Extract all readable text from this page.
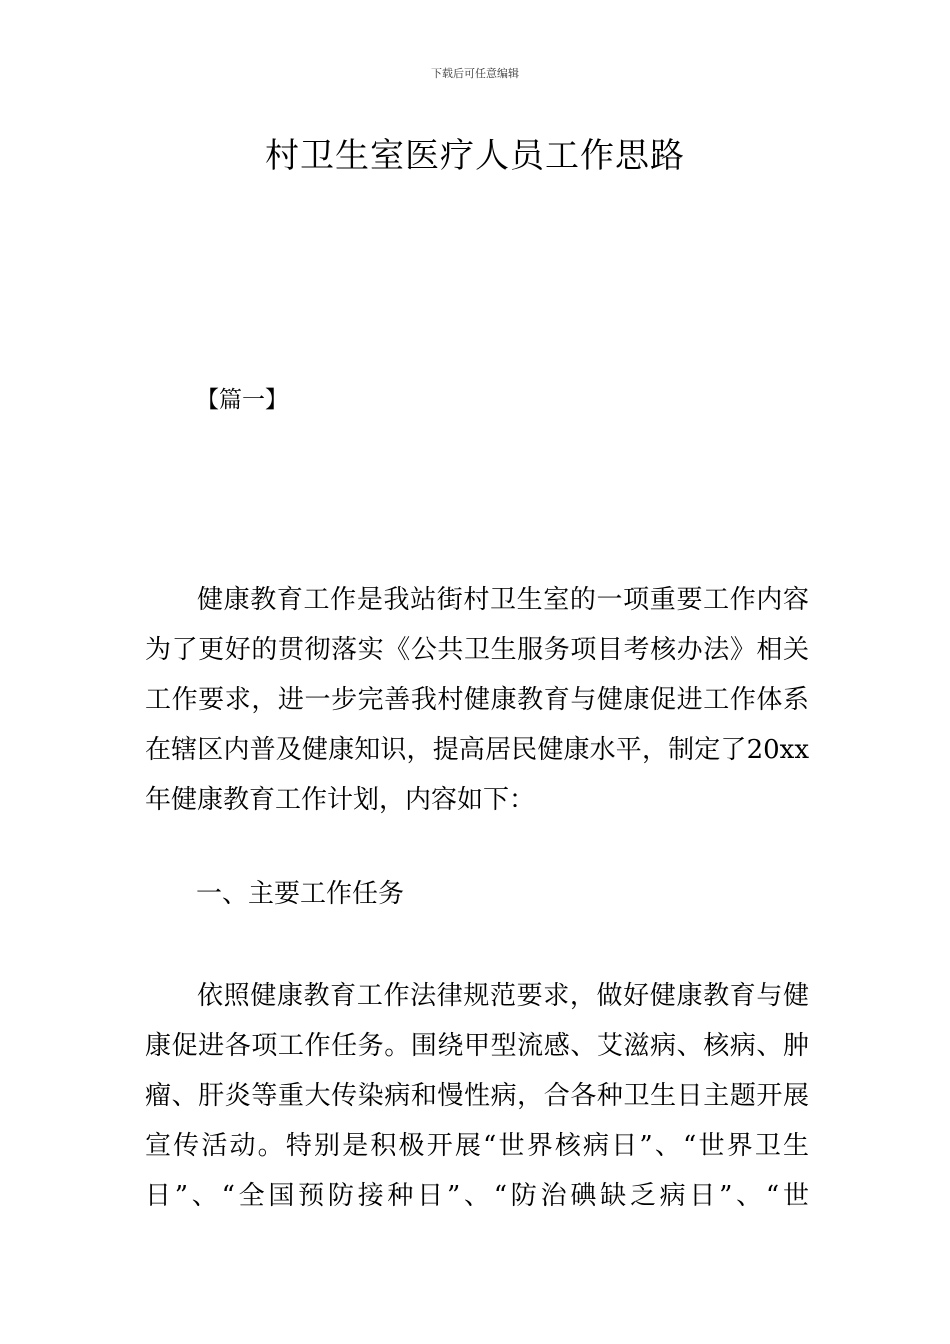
下载后可任意编辑
村卫生室医疗人员工作思路
【篇一】
健康教育工作是我站街村卫生室的一项重要工作内容
为了更好的贯彻落实《公共卫生服务项目考核办法》相关
工作要求，进一步完善我村健康教育与健康促进工作体系
在辖区内普及健康知识，提高居民健康水平，制定了20xx
年健康教育工作计划，内容如下：
一、主要工作任务
依照健康教育工作法律规范要求，做好健康教育与健
康促进各项工作任务。围绕甲型流感、艾滋病、核病、肿
瘤、肝炎等重大传染病和慢性病，合各种卫生日主题开展
宣传活动。特别是积极开展“世界核病日”、“世界卫生
日”、“全国预防接种日”、“防治碘缺乏病日”、“世
